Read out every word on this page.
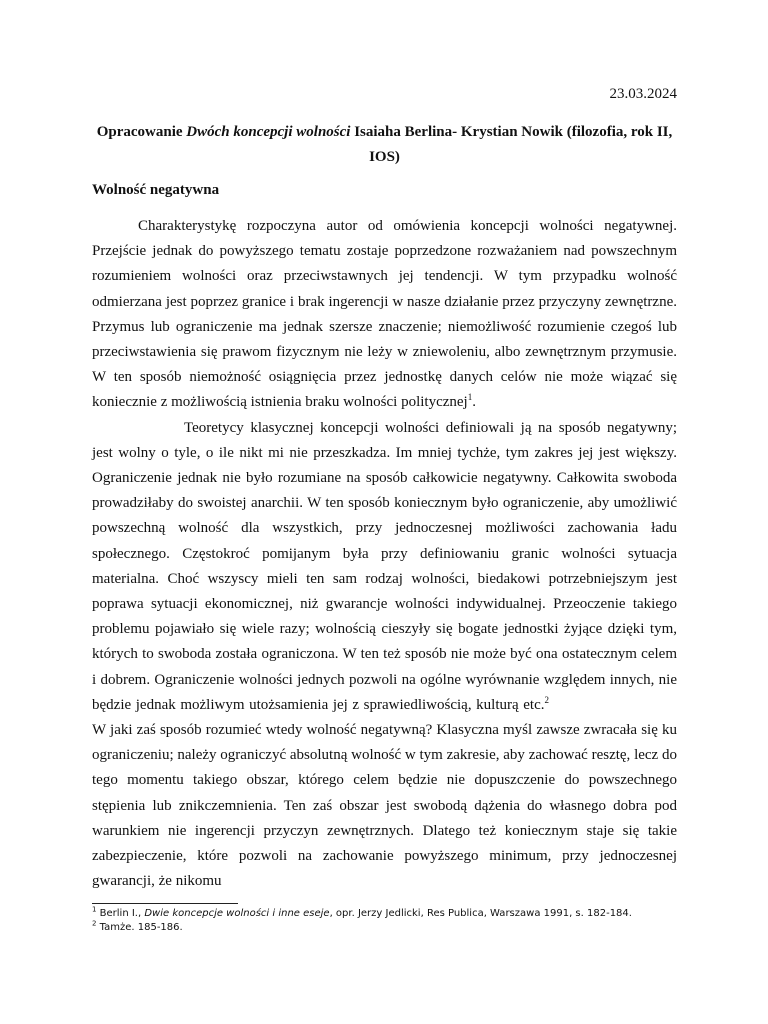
23.03.2024
Opracowanie Dwóch koncepcji wolności Isaiaha Berlina- Krystian Nowik (filozofia, rok II, IOS)
Wolność negatywna

Charakterystykę rozpoczyna autor od omówienia koncepcji wolności negatywnej. Przejście jednak do powyższego tematu zostaje poprzedzone rozważaniem nad powszechnym rozumieniem wolności oraz przeciwstawnych jej tendencji. W tym przypadku wolność odmierzana jest poprzez granice i brak ingerencji w nasze działanie przez przyczyny zewnętrzne. Przymus lub ograniczenie ma jednak szersze znaczenie; niemożliwość rozumienie czegoś lub przeciwstawienia się prawom fizycznym nie leży w zniewoleniu, albo zewnętrznym przymusie. W ten sposób niemożność osiągnięcia przez jednostkę danych celów nie może wiązać się koniecznie z możliwością istnienia braku wolności politycznej$^1$.

Teoretycy klasycznej koncepcji wolności definiowali ją na sposób negatywny; jest wolny o tyle, o ile nikt mi nie przeszkadza. Im mniej tychże, tym zakres jej jest większy. Ograniczenie jednak nie było rozumiane na sposób całkowicie negatywny. Całkowita swoboda prowadziłaby do swoistej anarchii. W ten sposób koniecznym było ograniczenie, aby umożliwić powszechną wolność dla wszystkich, przy jednoczesnej możliwości zachowania ładu społecznego. Częstokroć pomijanym była przy definiowaniu granic wolności sytuacja materialna. Choć wszyscy mieli ten sam rodzaj wolności, biedakowi potrzebniejszym jest poprawa sytuacji ekonomicznej, niż gwarancje wolności indywidualnej. Przeoczenie takiego problemu pojawiało się wiele razy; wolnością cieszyły się bogate jednostki żyjące dzięki tym, których to swoboda została ograniczona. W ten też sposób nie może być ona ostatecznym celem i dobrem. Ograniczenie wolności jednych pozwoli na ogólne wyrównanie względem innych, nie będzie jednak możliwym utożsamienia jej z sprawiedliwością, kulturą etc.$^2$W jaki zaś sposób rozumieć wtedy wolność negatywną? Klasyczna myśl zawsze zwracała się ku ograniczeniu; należy ograniczyć absolutną wolność w tym zakresie, aby zachować resztę, lecz do tego momentu takiego obszar, którego celem będzie nie dopuszczenie do powszechnego stępienia lub znikczemnienia. Ten zaś obszar jest swobodą dążenia do własnego dobra pod warunkiem nie ingerencji przyczyn zewnętrznych. Dlatego też koniecznym staje się takie zabezpieczenie, które pozwoli na zachowanie powyższego minimum, przy jednoczesnej gwarancji, że nikomu

$^1$ Berlin I., Dwie koncepcje wolności i inne eseje, opr. Jerzy Jedlicki, Res Publica, Warszawa 1991, s. 182-184.
$^2$ Tamże. 185-186.
